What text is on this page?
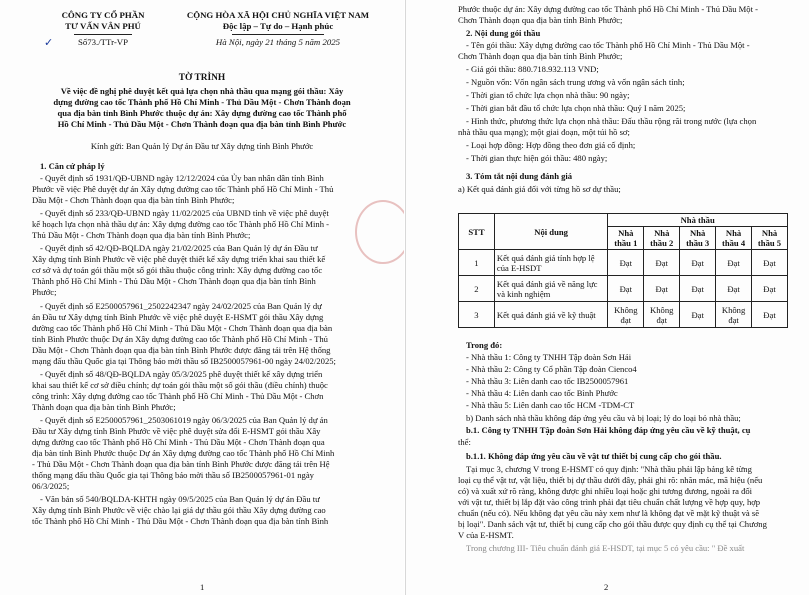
CÔNG TY CỔ PHẦN
TƯ VẤN VÂN PHÚ
Số73./TTr-VP
✓
CỘNG HÒA XÃ HỘI CHỦ NGHĨA VIỆT NAM
Độc lập – Tự do – Hạnh phúc
Hà Nội, ngày 21 tháng 5 năm 2025
TỜ TRÌNH
Về việc đề nghị phê duyệt kết quả lựa chọn nhà thầu qua mạng gói thầu: Xây
dựng đường cao tốc Thành phố Hồ Chí Minh - Thủ Dầu Một - Chơn Thành đoạn
qua địa bàn tỉnh Bình Phước thuộc dự án: Xây dựng đường cao tốc Thành phố
Hồ Chí Minh - Thủ Dầu Một - Chơn Thành đoạn qua địa bàn tỉnh Bình Phước
Kính gửi: Ban Quản lý Dự án Đầu tư Xây dựng tỉnh Bình Phước
1. Căn cứ pháp lý
- Quyết định số 1931/QĐ-UBND ngày 12/12/2024 của Ủy ban nhân dân tỉnh Bình
Phước về việc Phê duyệt dự án Xây dựng đường cao tốc Thành phố Hồ Chí Minh - Thủ
Dầu Một - Chơn Thành đoạn qua địa bàn tỉnh Bình Phước;
- Quyết định số 233/QĐ-UBND ngày 11/02/2025 của UBND tỉnh về việc phê duyệt
kế hoạch lựa chọn nhà thầu dự án: Xây dựng đường cao tốc Thành phố Hồ Chí Minh -
Thủ Dầu Một - Chơn Thành đoạn qua địa bàn tỉnh Bình Phước;
- Quyết định số 42/QĐ-BQLDA ngày 21/02/2025 của Ban Quản lý dự án Đầu tư
Xây dựng tỉnh Bình Phước về việc phê duyệt thiết kế xây dựng triển khai sau thiết kế
cơ sở và dự toán gói thầu một số gói thầu thuộc công trình: Xây dựng đường cao tốc
Thành phố Hồ Chí Minh - Thủ Dầu Một - Chơn Thành đoạn qua địa bàn tỉnh Bình
Phước;
- Quyết định số E2500057961_2502242347 ngày 24/02/2025 của Ban Quản lý dự
án Đầu tư Xây dựng tỉnh Bình Phước về việc phê duyệt E-HSMT gói thầu Xây dựng
đường cao tốc Thành phố Hồ Chí Minh - Thủ Dầu Một - Chơn Thành đoạn qua địa bàn
tỉnh Bình Phước thuộc Dự án Xây dựng đường cao tốc Thành phố Hồ Chí Minh - Thủ
Dầu Một - Chơn Thành đoạn qua địa bàn tỉnh Bình Phước được đăng tải trên Hệ thống
mạng đấu thầu Quốc gia tại Thông báo mời thầu số IB2500057961-00 ngày 24/02/2025;
- Quyết định số 48/QĐ-BQLDA ngày 05/3/2025 phê duyệt thiết kế xây dựng triển
khai sau thiết kế cơ sở điều chỉnh; dự toán gói thầu một số gói thầu (điều chỉnh) thuộc
công trình: Xây dựng đường cao tốc Thành phố Hồ Chí Minh - Thủ Dầu Một - Chơn
Thành đoạn qua địa bàn tỉnh Bình Phước;
- Quyết định số E2500057961_2503061019 ngày 06/3/2025 của Ban Quản lý dự án
Đầu tư Xây dựng tỉnh Bình Phước về việc phê duyệt sửa đổi E-HSMT gói thầu Xây
dựng đường cao tốc Thành phố Hồ Chí Minh - Thủ Dầu Một - Chơn Thành đoạn qua
địa bàn tỉnh Bình Phước thuộc Dự án Xây dựng đường cao tốc Thành phố Hồ Chí Minh
- Thủ Dầu Một - Chơn Thành đoạn qua địa bàn tỉnh Bình Phước được đăng tải trên Hệ
thống mạng đấu thầu Quốc gia tại Thông báo mời thầu số IB2500057961-01 ngày
06/3/2025;
- Văn bản số 540/BQLDA-KHTH ngày 09/5/2025 của Ban Quản lý dự án Đầu tư
Xây dựng tỉnh Bình Phước về việc chào lại giá dự thầu gói thầu Xây dựng đường cao
tốc Thành phố Hồ Chí Minh - Thủ Dầu Một - Chơn Thành đoạn qua địa bàn tỉnh Bình
1
Phước thuộc dự án: Xây dựng đường cao tốc Thành phố Hồ Chí Minh - Thủ Dầu Một -
Chơn Thành đoạn qua địa bàn tỉnh Bình Phước;
2. Nội dung gói thầu
- Tên gói thầu: Xây dựng đường cao tốc Thành phố Hồ Chí Minh - Thủ Dầu Một -
Chơn Thành đoạn qua địa bàn tỉnh Bình Phước;
- Giá gói thầu: 880.718.932.113 VND;
- Nguồn vốn: Vốn ngân sách trung ương và vốn ngân sách tỉnh;
- Thời gian tổ chức lựa chọn nhà thầu: 90 ngày;
- Thời gian bắt đầu tổ chức lựa chọn nhà thầu: Quý I năm 2025;
- Hình thức, phương thức lựa chọn nhà thầu: Đấu thầu rộng rãi trong nước (lựa chọn
nhà thầu qua mạng); một giai đoạn, một túi hồ sơ;
- Loại hợp đồng: Hợp đồng theo đơn giá cố định;
- Thời gian thực hiện gói thầu: 480 ngày;
3. Tóm tắt nội dung đánh giá
a) Kết quả đánh giá đối với từng hồ sơ dự thầu;
STT	Nội dung	Nhà thầu				
		Nhà thầu 1	Nhà thầu 2	Nhà thầu 3	Nhà thầu 4	Nhà thầu 5
1	Kết quả đánh giá tính hợp lệ của E-HSDT	Đạt	Đạt	Đạt	Đạt	Đạt
2	Kết quả đánh giá về năng lực và kinh nghiệm	Đạt	Đạt	Đạt	Đạt	Đạt
3	Kết quả đánh giá về kỹ thuật	Không đạt	Không đạt	Đạt	Không đạt	Đạt
Trong đó:
- Nhà thầu 1: Công ty TNHH Tập đoàn Sơn Hải
- Nhà thầu 2: Công ty Cổ phần Tập đoàn Cienco4
- Nhà thầu 3: Liên danh cao tốc IB2500057961
- Nhà thầu 4: Liên danh cao tốc Bình Phước
- Nhà thầu 5: Liên danh cao tốc HCM -TDM-CT
b) Danh sách nhà thầu không đáp ứng yêu cầu và bị loại; lý do loại bỏ nhà thầu;
b.1. Công ty TNHH Tập đoàn Sơn Hải không đáp ứng yêu cầu về kỹ thuật, cụ
thể:
b.1.1. Không đáp ứng yêu cầu về vật tư thiết bị cung cấp cho gói thầu.
Tại mục 3, chương V trong E-HSMT có quy định: "Nhà thầu phải lập bảng kê từng
loại cụ thể vật tư, vật liệu, thiết bị dự thầu dưới đây, phải ghi rõ: nhãn mác, mã hiệu (nếu
có) và xuất xứ rõ ràng, không được ghi nhiều loại hoặc ghi tương đương, ngoài ra đối
với vật tư, thiết bị lắp đặt vào công trình phải đạt tiêu chuẩn chất lượng về hợp quy, hợp
chuẩn (nếu có). Nếu không đạt yêu cầu này xem như là không đạt về mặt kỹ thuật và sẽ
bị loại". Danh sách vật tư, thiết bị cung cấp cho gói thầu được quy định cụ thể tại Chương
V của E-HSMT.
Trong chương III- Tiêu chuẩn đánh giá E-HSDT, tại mục 5 có yêu cầu: " Đề xuất
2
